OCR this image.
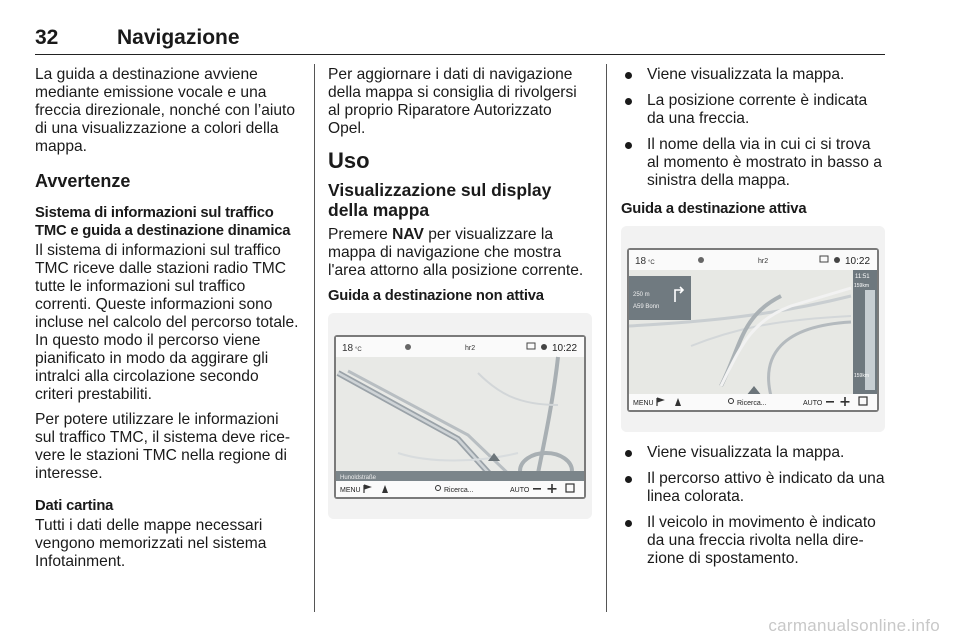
32	Navigazione

La guida a destinazione avviene mediante emissione vocale e una freccia direzionale, nonché con l’aiuto di una visualizzazione a colori della mappa.

Avvertenze
Sistema di informazioni sul traffico TMC e guida a destinazione dinamica

Il sistema di informazioni sul traffico TMC riceve dalle stazioni radio TMC tutte le informazioni sul traffico correnti. Queste informazioni sono incluse nel calcolo del percorso totale. In questo modo il percorso viene pianificato in modo da aggirare gli intralci alla circolazione secondo criteri prestabiliti.

Per potere utilizzare le informazioni sul traffico TMC, il sistema deve rice-vere le stazioni TMC nella regione di interesse.

Dati cartina

Tutti i dati delle mappe necessari vengono memorizzati nel sistema Infotainment.

Per aggiornare i dati di navigazione della mappa si consiglia di rivolgersi al proprio Riparatore Autorizzato Opel.

Uso
Visualizzazione sul display della mappa

Premere NAV per visualizzare la mappa di navigazione che mostra l'area attorno alla posizione corrente.

Guida a destinazione non attiva
18 °C	hr2	10:22
Hunoldstraße
MENU	Ricerca...	AUTO
Viene visualizzata la mappa.
La posizione corrente è indicata da una freccia.
Il nome della via in cui ci si trova al momento è mostrato in basso a sinistra della mappa.
Guida a destinazione attiva
18 °C	hr2	10:22
250 m
A59 Bonn
11:51
159km
159km
MENU	Ricerca...	AUTO
Viene visualizzata la mappa.
Il percorso attivo è indicato da una linea colorata.
Il veicolo in movimento è indicato da una freccia rivolta nella dire-zione di spostamento.
carmanualsonline.info
